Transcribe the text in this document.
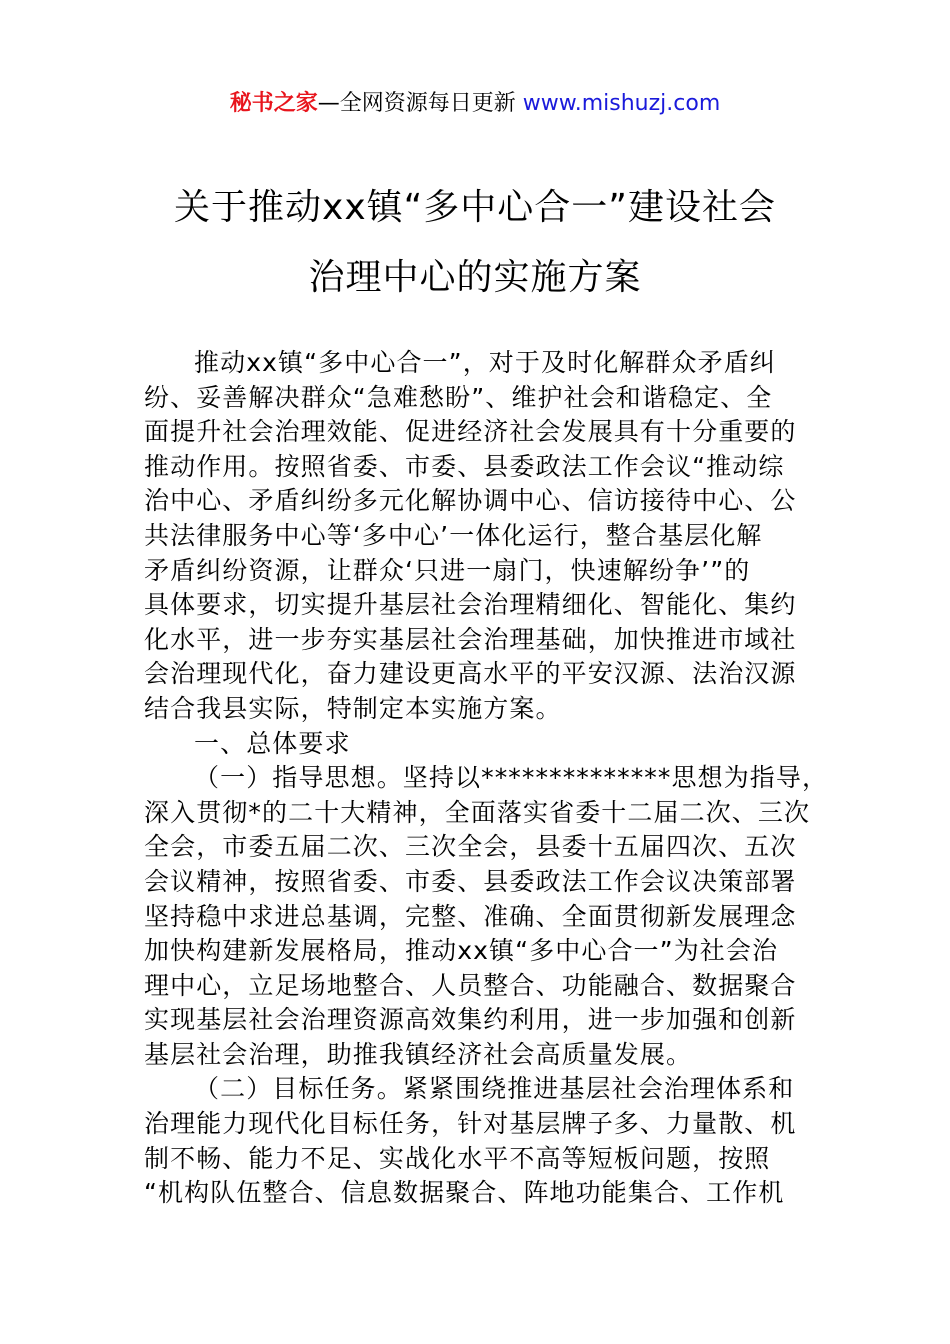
秘书之家—全网资源每日更新 www.mishuzj.com
关于推动xx镇“多中心合一”建设社会
治理中心的实施方案
推动xx镇“多中心合一”，对于及时化解群众矛盾纠
纷、妥善解决群众“急难愁盼”、维护社会和谐稳定、全
面提升社会治理效能、促进经济社会发展具有十分重要的
推动作用。按照省委、市委、县委政法工作会议“推动综
治中心、矛盾纠纷多元化解协调中心、信访接待中心、公
共法律服务中心等‘多中心’一体化运行，整合基层化解
矛盾纠纷资源，让群众‘只进一扇门，快速解纷争’”的
具体要求，切实提升基层社会治理精细化、智能化、集约
化水平，进一步夯实基层社会治理基础，加快推进市域社
会治理现代化，奋力建设更高水平的平安汉源、法治汉源
结合我县实际，特制定本实施方案。
一、总体要求
（一）指导思想。坚持以**************思想为指导，
深入贯彻*的二十大精神，全面落实省委十二届二次、三次
全会，市委五届二次、三次全会，县委十五届四次、五次
会议精神，按照省委、市委、县委政法工作会议决策部署
坚持稳中求进总基调，完整、准确、全面贯彻新发展理念
加快构建新发展格局，推动xx镇“多中心合一”为社会治
理中心，立足场地整合、人员整合、功能融合、数据聚合
实现基层社会治理资源高效集约利用，进一步加强和创新
基层社会治理，助推我镇经济社会高质量发展。
（二）目标任务。紧紧围绕推进基层社会治理体系和
治理能力现代化目标任务，针对基层牌子多、力量散、机
制不畅、能力不足、实战化水平不高等短板问题，按照
“机构队伍整合、信息数据聚合、阵地功能集合、工作机
